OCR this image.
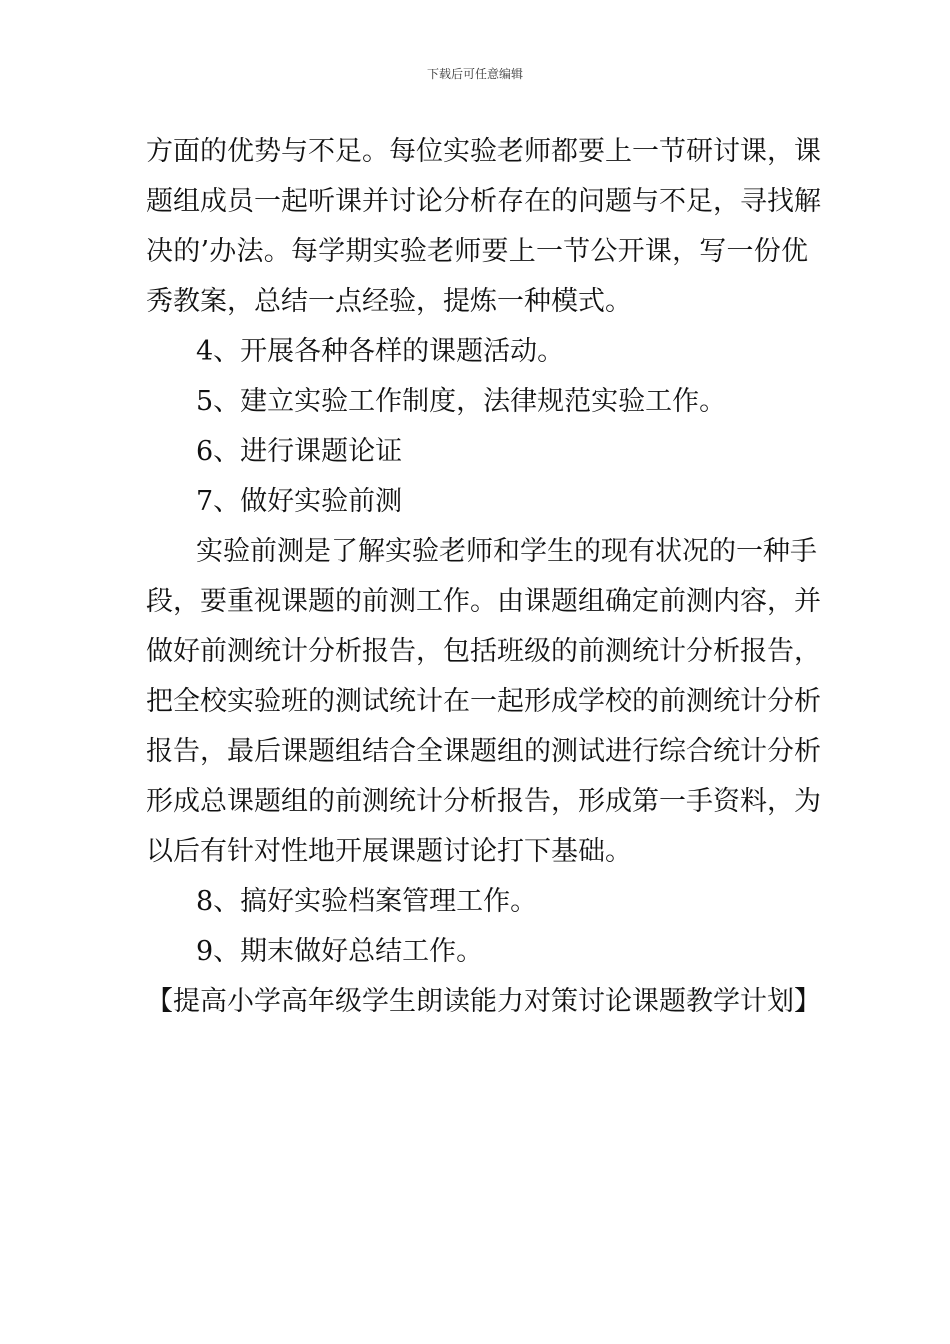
下载后可任意编辑
方面的优势与不足。每位实验老师都要上一节研讨课，课
题组成员一起听课并讨论分析存在的问题与不足，寻找解
决的’办法。每学期实验老师要上一节公开课，写一份优
秀教案，总结一点经验，提炼一种模式。
4、开展各种各样的课题活动。
5、建立实验工作制度，法律规范实验工作。
6、进行课题论证
7、做好实验前测
实验前测是了解实验老师和学生的现有状况的一种手
段，要重视课题的前测工作。由课题组确定前测内容，并
做好前测统计分析报告，包括班级的前测统计分析报告，
把全校实验班的测试统计在一起形成学校的前测统计分析
报告，最后课题组结合全课题组的测试进行综合统计分析
形成总课题组的前测统计分析报告，形成第一手资料，为
以后有针对性地开展课题讨论打下基础。
8、搞好实验档案管理工作。
9、期末做好总结工作。
【提高小学高年级学生朗读能力对策讨论课题教学计划】
